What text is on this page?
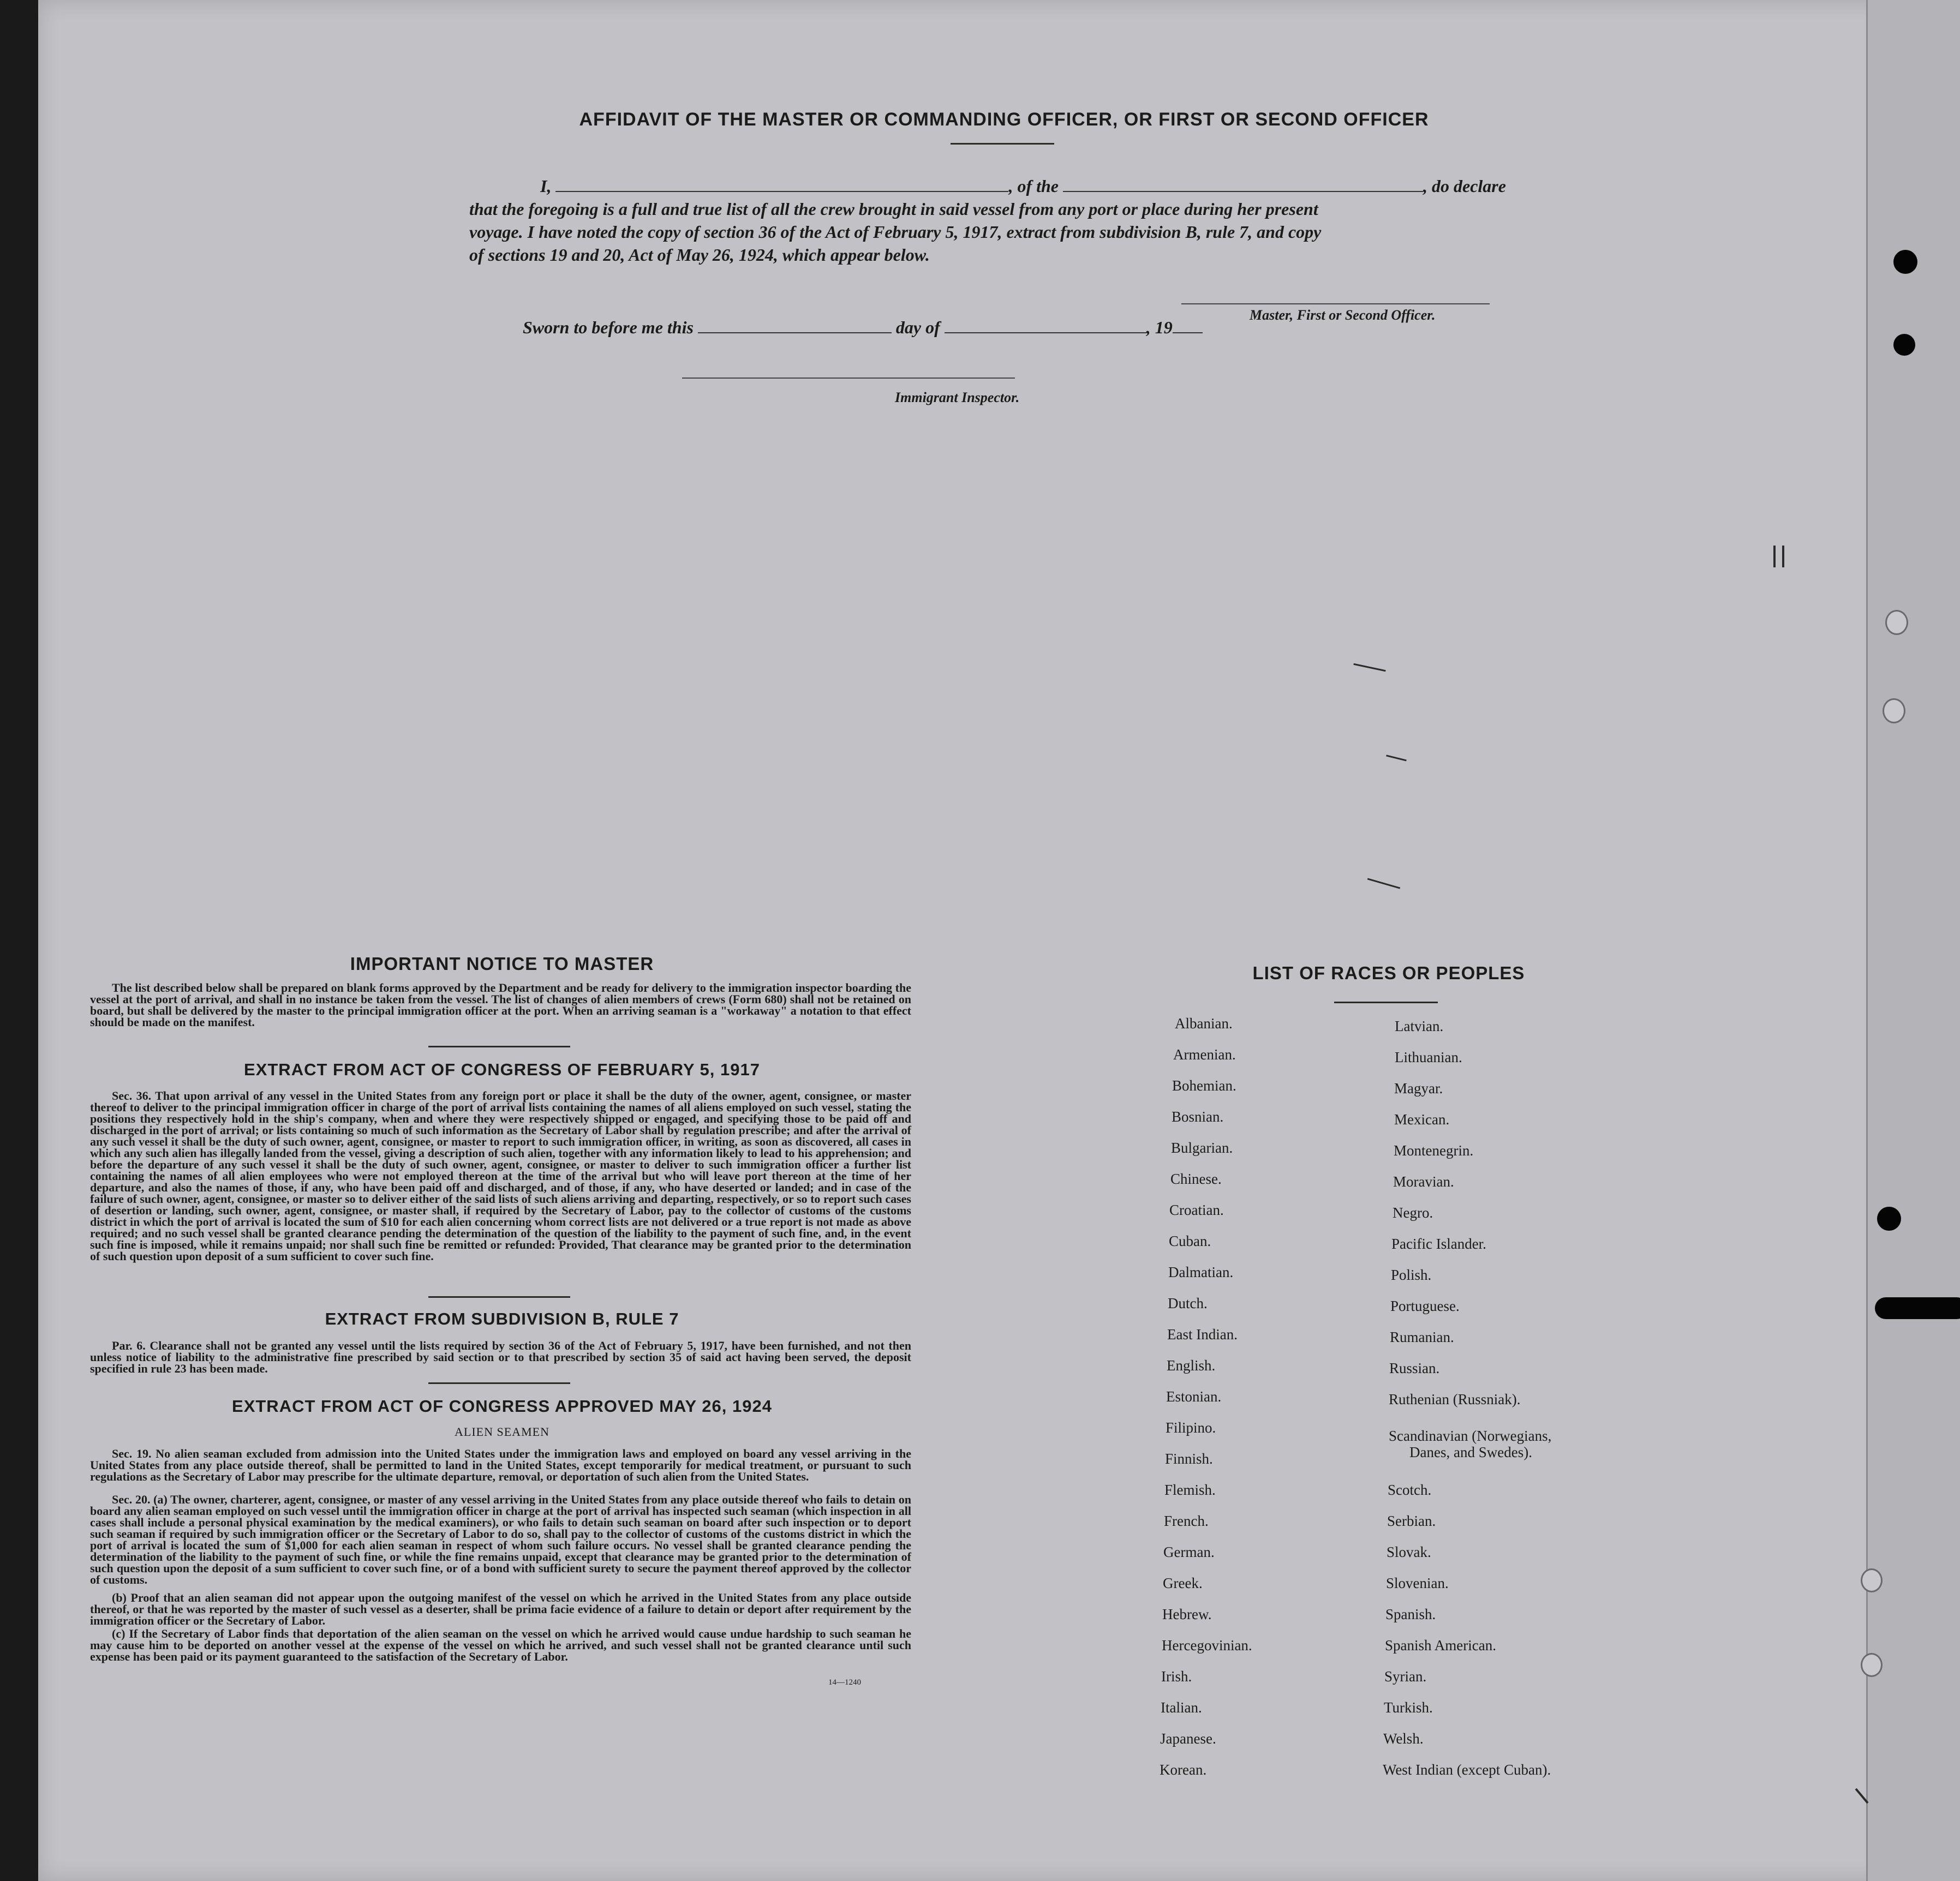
AFFIDAVIT OF THE MASTER OR COMMANDING OFFICER, OR FIRST OR SECOND OFFICER
I,	, of the	, do declare
that the foregoing is a full and true list of all the crew brought in said vessel from any port or place during her present
voyage. I have noted the copy of section 36 of the Act of February 5, 1917, extract from subdivision B, rule 7, and copy
of sections 19 and 20, Act of May 26, 1924, which appear below.
Master, First or Second Officer.
Sworn to before me this	day of	, 19
Immigrant Inspector.
IMPORTANT NOTICE TO MASTER
The list described below shall be prepared on blank forms approved by the Department and be ready for delivery to the immigration inspector boarding the vessel at the port of arrival, and shall in no instance be taken from the vessel. The list of changes of alien members of crews (Form 680) shall not be retained on board, but shall be delivered by the master to the principal immigration officer at the port. When an arriving seaman is a "workaway" a notation to that effect should be made on the manifest.
EXTRACT FROM ACT OF CONGRESS OF FEBRUARY 5, 1917
Sec. 36. That upon arrival of any vessel in the United States from any foreign port or place it shall be the duty of the owner, agent, consignee, or master thereof to deliver to the principal immigration officer in charge of the port of arrival lists containing the names of all aliens employed on such vessel, stating the positions they respectively hold in the ship's company, when and where they were respectively shipped or engaged, and specifying those to be paid off and discharged in the port of arrival; or lists containing so much of such information as the Secretary of Labor shall by regulation prescribe; and after the arrival of any such vessel it shall be the duty of such owner, agent, consignee, or master to report to such immigration officer, in writing, as soon as discovered, all cases in which any such alien has illegally landed from the vessel, giving a description of such alien, together with any information likely to lead to his apprehension; and before the departure of any such vessel it shall be the duty of such owner, agent, consignee, or master to deliver to such immigration officer a further list containing the names of all alien employees who were not employed thereon at the time of the arrival but who will leave port thereon at the time of her departure, and also the names of those, if any, who have been paid off and discharged, and of those, if any, who have deserted or landed; and in case of the failure of such owner, agent, consignee, or master so to deliver either of the said lists of such aliens arriving and departing, respectively, or so to report such cases of desertion or landing, such owner, agent, consignee, or master shall, if required by the Secretary of Labor, pay to the collector of customs of the customs district in which the port of arrival is located the sum of $10 for each alien concerning whom correct lists are not delivered or a true report is not made as above required; and no such vessel shall be granted clearance pending the determination of the question of the liability to the payment of such fine, and, in the event such fine is imposed, while it remains unpaid; nor shall such fine be remitted or refunded: Provided, That clearance may be granted prior to the determination of such question upon deposit of a sum sufficient to cover such fine.
EXTRACT FROM SUBDIVISION B, RULE 7
Par. 6. Clearance shall not be granted any vessel until the lists required by section 36 of the Act of February 5, 1917, have been furnished, and not then unless notice of liability to the administrative fine prescribed by said section or to that prescribed by section 35 of said act having been served, the deposit specified in rule 23 has been made.
EXTRACT FROM ACT OF CONGRESS APPROVED MAY 26, 1924
ALIEN SEAMEN
Sec. 19. No alien seaman excluded from admission into the United States under the immigration laws and employed on board any vessel arriving in the United States from any place outside thereof, shall be permitted to land in the United States, except temporarily for medical treatment, or pursuant to such regulations as the Secretary of Labor may prescribe for the ultimate departure, removal, or deportation of such alien from the United States.
Sec. 20. (a) The owner, charterer, agent, consignee, or master of any vessel arriving in the United States from any place outside thereof who fails to detain on board any alien seaman employed on such vessel until the immigration officer in charge at the port of arrival has inspected such seaman (which inspection in all cases shall include a personal physical examination by the medical examiners), or who fails to detain such seaman on board after such inspection or to deport such seaman if required by such immigration officer or the Secretary of Labor to do so, shall pay to the collector of customs of the customs district in which the port of arrival is located the sum of $1,000 for each alien seaman in respect of whom such failure occurs. No vessel shall be granted clearance pending the determination of the liability to the payment of such fine, or while the fine remains unpaid, except that clearance may be granted prior to the determination of such question upon the deposit of a sum sufficient to cover such fine, or of a bond with sufficient surety to secure the payment thereof approved by the collector of customs.
(b) Proof that an alien seaman did not appear upon the outgoing manifest of the vessel on which he arrived in the United States from any place outside thereof, or that he was reported by the master of such vessel as a deserter, shall be prima facie evidence of a failure to detain or deport after requirement by the immigration officer or the Secretary of Labor.
(c) If the Secretary of Labor finds that deportation of the alien seaman on the vessel on which he arrived would cause undue hardship to such seaman he may cause him to be deported on another vessel at the expense of the vessel on which he arrived, and such vessel shall not be granted clearance until such expense has been paid or its payment guaranteed to the satisfaction of the Secretary of Labor.
14—1240
LIST OF RACES OR PEOPLES
Albanian.
Armenian.
Bohemian.
Bosnian.
Bulgarian.
Chinese.
Croatian.
Cuban.
Dalmatian.
Dutch.
East Indian.
English.
Estonian.
Filipino.
Finnish.
Flemish.
French.
German.
Greek.
Hebrew.
Hercegovinian.
Irish.
Italian.
Japanese.
Korean.
Latvian.
Lithuanian.
Magyar.
Mexican.
Montenegrin.
Moravian.
Negro.
Pacific Islander.
Polish.
Portuguese.
Rumanian.
Russian.
Ruthenian (Russniak).
Scandinavian (Norwegians,
Danes, and Swedes).
Scotch.
Serbian.
Slovak.
Slovenian.
Spanish.
Spanish American.
Syrian.
Turkish.
Welsh.
West Indian (except Cuban).
